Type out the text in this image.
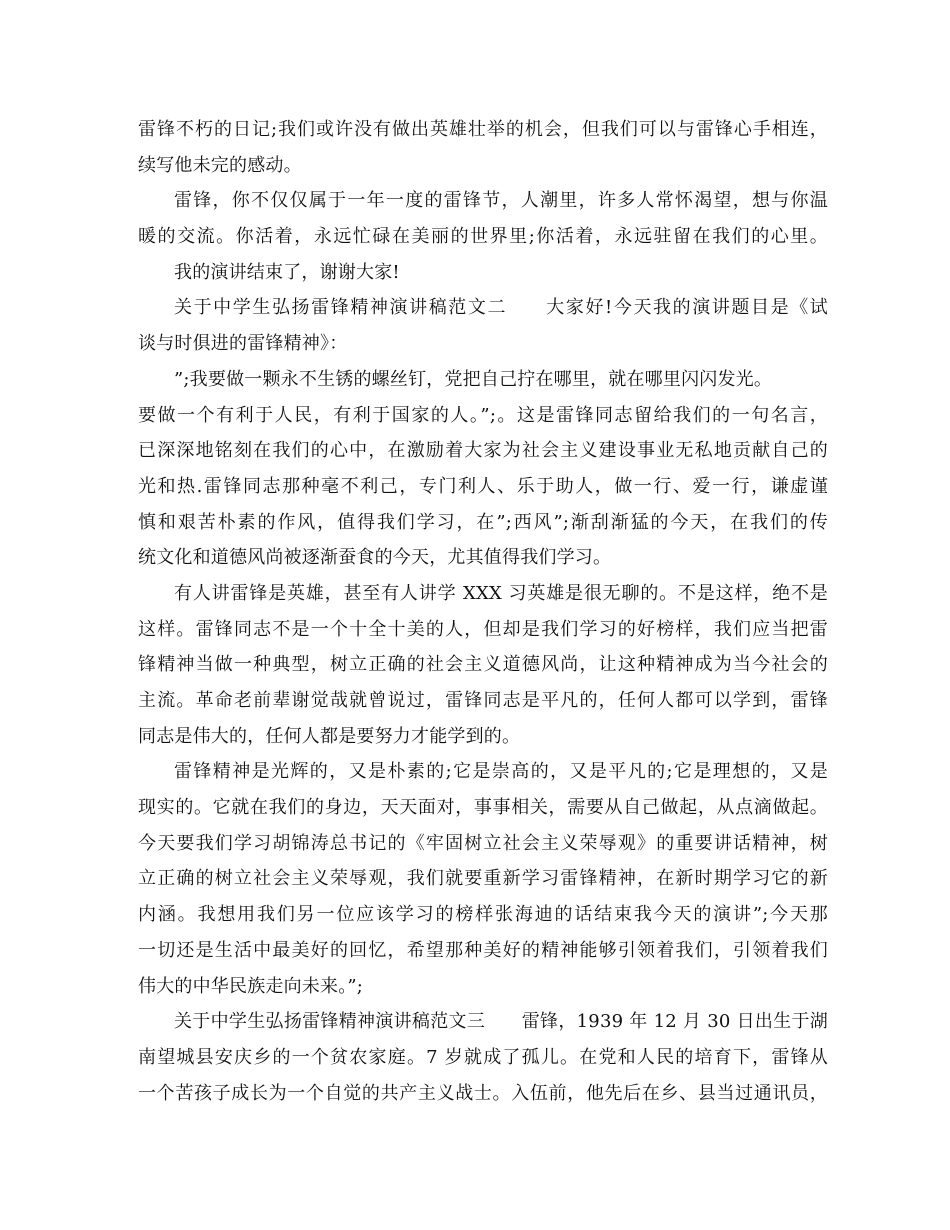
雷锋不朽的日记;我们或许没有做出英雄壮举的机会，但我们可以与雷锋心手相连，
续写他未完的感动。
雷锋，你不仅仅属于一年一度的雷锋节，人潮里，许多人常怀渴望，想与你温
暖的交流。你活着，永远忙碌在美丽的世界里;你活着，永远驻留在我们的心里。
我的演讲结束了，谢谢大家!
关于中学生弘扬雷锋精神演讲稿范文二　　大家好!今天我的演讲题目是《试
谈与时俱进的雷锋精神》：
”;我要做一颗永不生锈的螺丝钉，党把自己拧在哪里，就在哪里闪闪发光。
要做一个有利于人民，有利于国家的人。”;。这是雷锋同志留给我们的一句名言，
已深深地铭刻在我们的心中，在激励着大家为社会主义建设事业无私地贡献自己的
光和热.雷锋同志那种毫不利己，专门利人、乐于助人，做一行、爱一行，谦虚谨
慎和艰苦朴素的作风，值得我们学习，在”;西风”;渐刮渐猛的今天，在我们的传
统文化和道德风尚被逐渐蚕食的今天，尤其值得我们学习。
有人讲雷锋是英雄，甚至有人讲学 XXX 习英雄是很无聊的。不是这样，绝不是
这样。雷锋同志不是一个十全十美的人，但却是我们学习的好榜样，我们应当把雷
锋精神当做一种典型，树立正确的社会主义道德风尚，让这种精神成为当今社会的
主流。革命老前辈谢觉哉就曾说过，雷锋同志是平凡的，任何人都可以学到，雷锋
同志是伟大的，任何人都是要努力才能学到的。
雷锋精神是光辉的，又是朴素的;它是崇高的，又是平凡的;它是理想的，又是
现实的。它就在我们的身边，天天面对，事事相关，需要从自己做起，从点滴做起。
今天要我们学习胡锦涛总书记的《牢固树立社会主义荣辱观》的重要讲话精神，树
立正确的树立社会主义荣辱观，我们就要重新学习雷锋精神，在新时期学习它的新
内涵。我想用我们另一位应该学习的榜样张海迪的话结束我今天的演讲”;今天那
一切还是生活中最美好的回忆，希望那种美好的精神能够引领着我们，引领着我们
伟大的中华民族走向未来。”;
关于中学生弘扬雷锋精神演讲稿范文三　　雷锋，1939 年 12 月 30 日出生于湖
南望城县安庆乡的一个贫农家庭。7 岁就成了孤儿。在党和人民的培育下，雷锋从
一个苦孩子成长为一个自觉的共产主义战士。入伍前，他先后在乡、县当过通讯员，
